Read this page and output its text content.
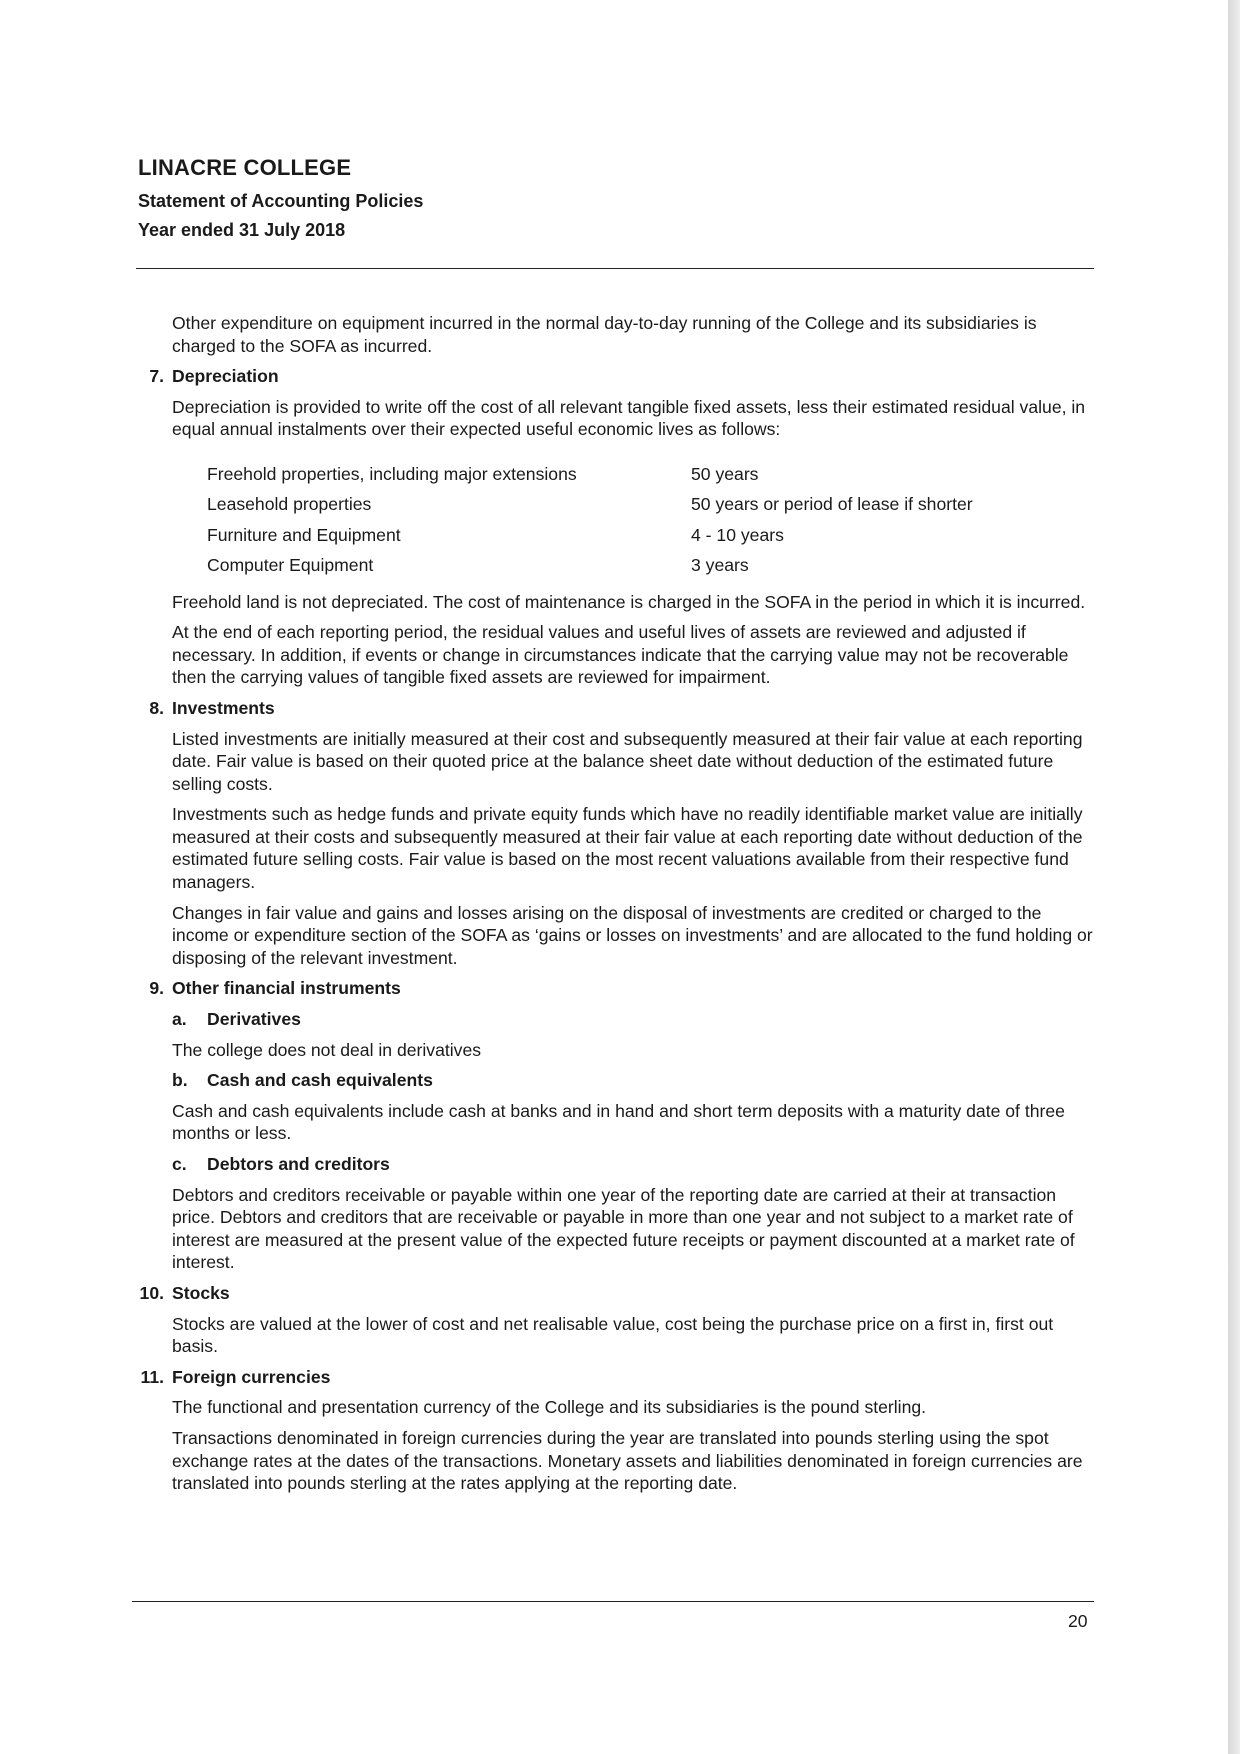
LINACRE COLLEGE
Statement of Accounting Policies
Year ended 31 July 2018

Other expenditure on equipment incurred in the normal day-to-day running of the College and its subsidiaries is charged to the SOFA as incurred.

7. Depreciation

Depreciation is provided to write off the cost of all relevant tangible fixed assets, less their estimated residual value, in equal annual instalments over their expected useful economic lives as follows:

Freehold properties, including major extensions	50 years
Leasehold properties	50 years or period of lease if shorter
Furniture and Equipment	4 - 10 years
Computer Equipment	3 years

Freehold land is not depreciated. The cost of maintenance is charged in the SOFA in the period in which it is incurred.

At the end of each reporting period, the residual values and useful lives of assets are reviewed and adjusted if necessary. In addition, if events or change in circumstances indicate that the carrying value may not be recoverable then the carrying values of tangible fixed assets are reviewed for impairment.

8. Investments

Listed investments are initially measured at their cost and subsequently measured at their fair value at each reporting date. Fair value is based on their quoted price at the balance sheet date without deduction of the estimated future selling costs.

Investments such as hedge funds and private equity funds which have no readily identifiable market value are initially measured at their costs and subsequently measured at their fair value at each reporting date without deduction of the estimated future selling costs. Fair value is based on the most recent valuations available from their respective fund managers.

Changes in fair value and gains and losses arising on the disposal of investments are credited or charged to the income or expenditure section of the SOFA as ‘gains or losses on investments’ and are allocated to the fund holding or disposing of the relevant investment.

9. Other financial instruments
a. Derivatives

The college does not deal in derivatives

b. Cash and cash equivalents

Cash and cash equivalents include cash at banks and in hand and short term deposits with a maturity date of three months or less.

c. Debtors and creditors

Debtors and creditors receivable or payable within one year of the reporting date are carried at their at transaction price. Debtors and creditors that are receivable or payable in more than one year and not subject to a market rate of interest are measured at the present value of the expected future receipts or payment discounted at a market rate of interest.

10. Stocks

Stocks are valued at the lower of cost and net realisable value, cost being the purchase price on a first in, first out basis.

11. Foreign currencies

The functional and presentation currency of the College and its subsidiaries is the pound sterling.

Transactions denominated in foreign currencies during the year are translated into pounds sterling using the spot exchange rates at the dates of the transactions. Monetary assets and liabilities denominated in foreign currencies are translated into pounds sterling at the rates applying at the reporting date.

20
